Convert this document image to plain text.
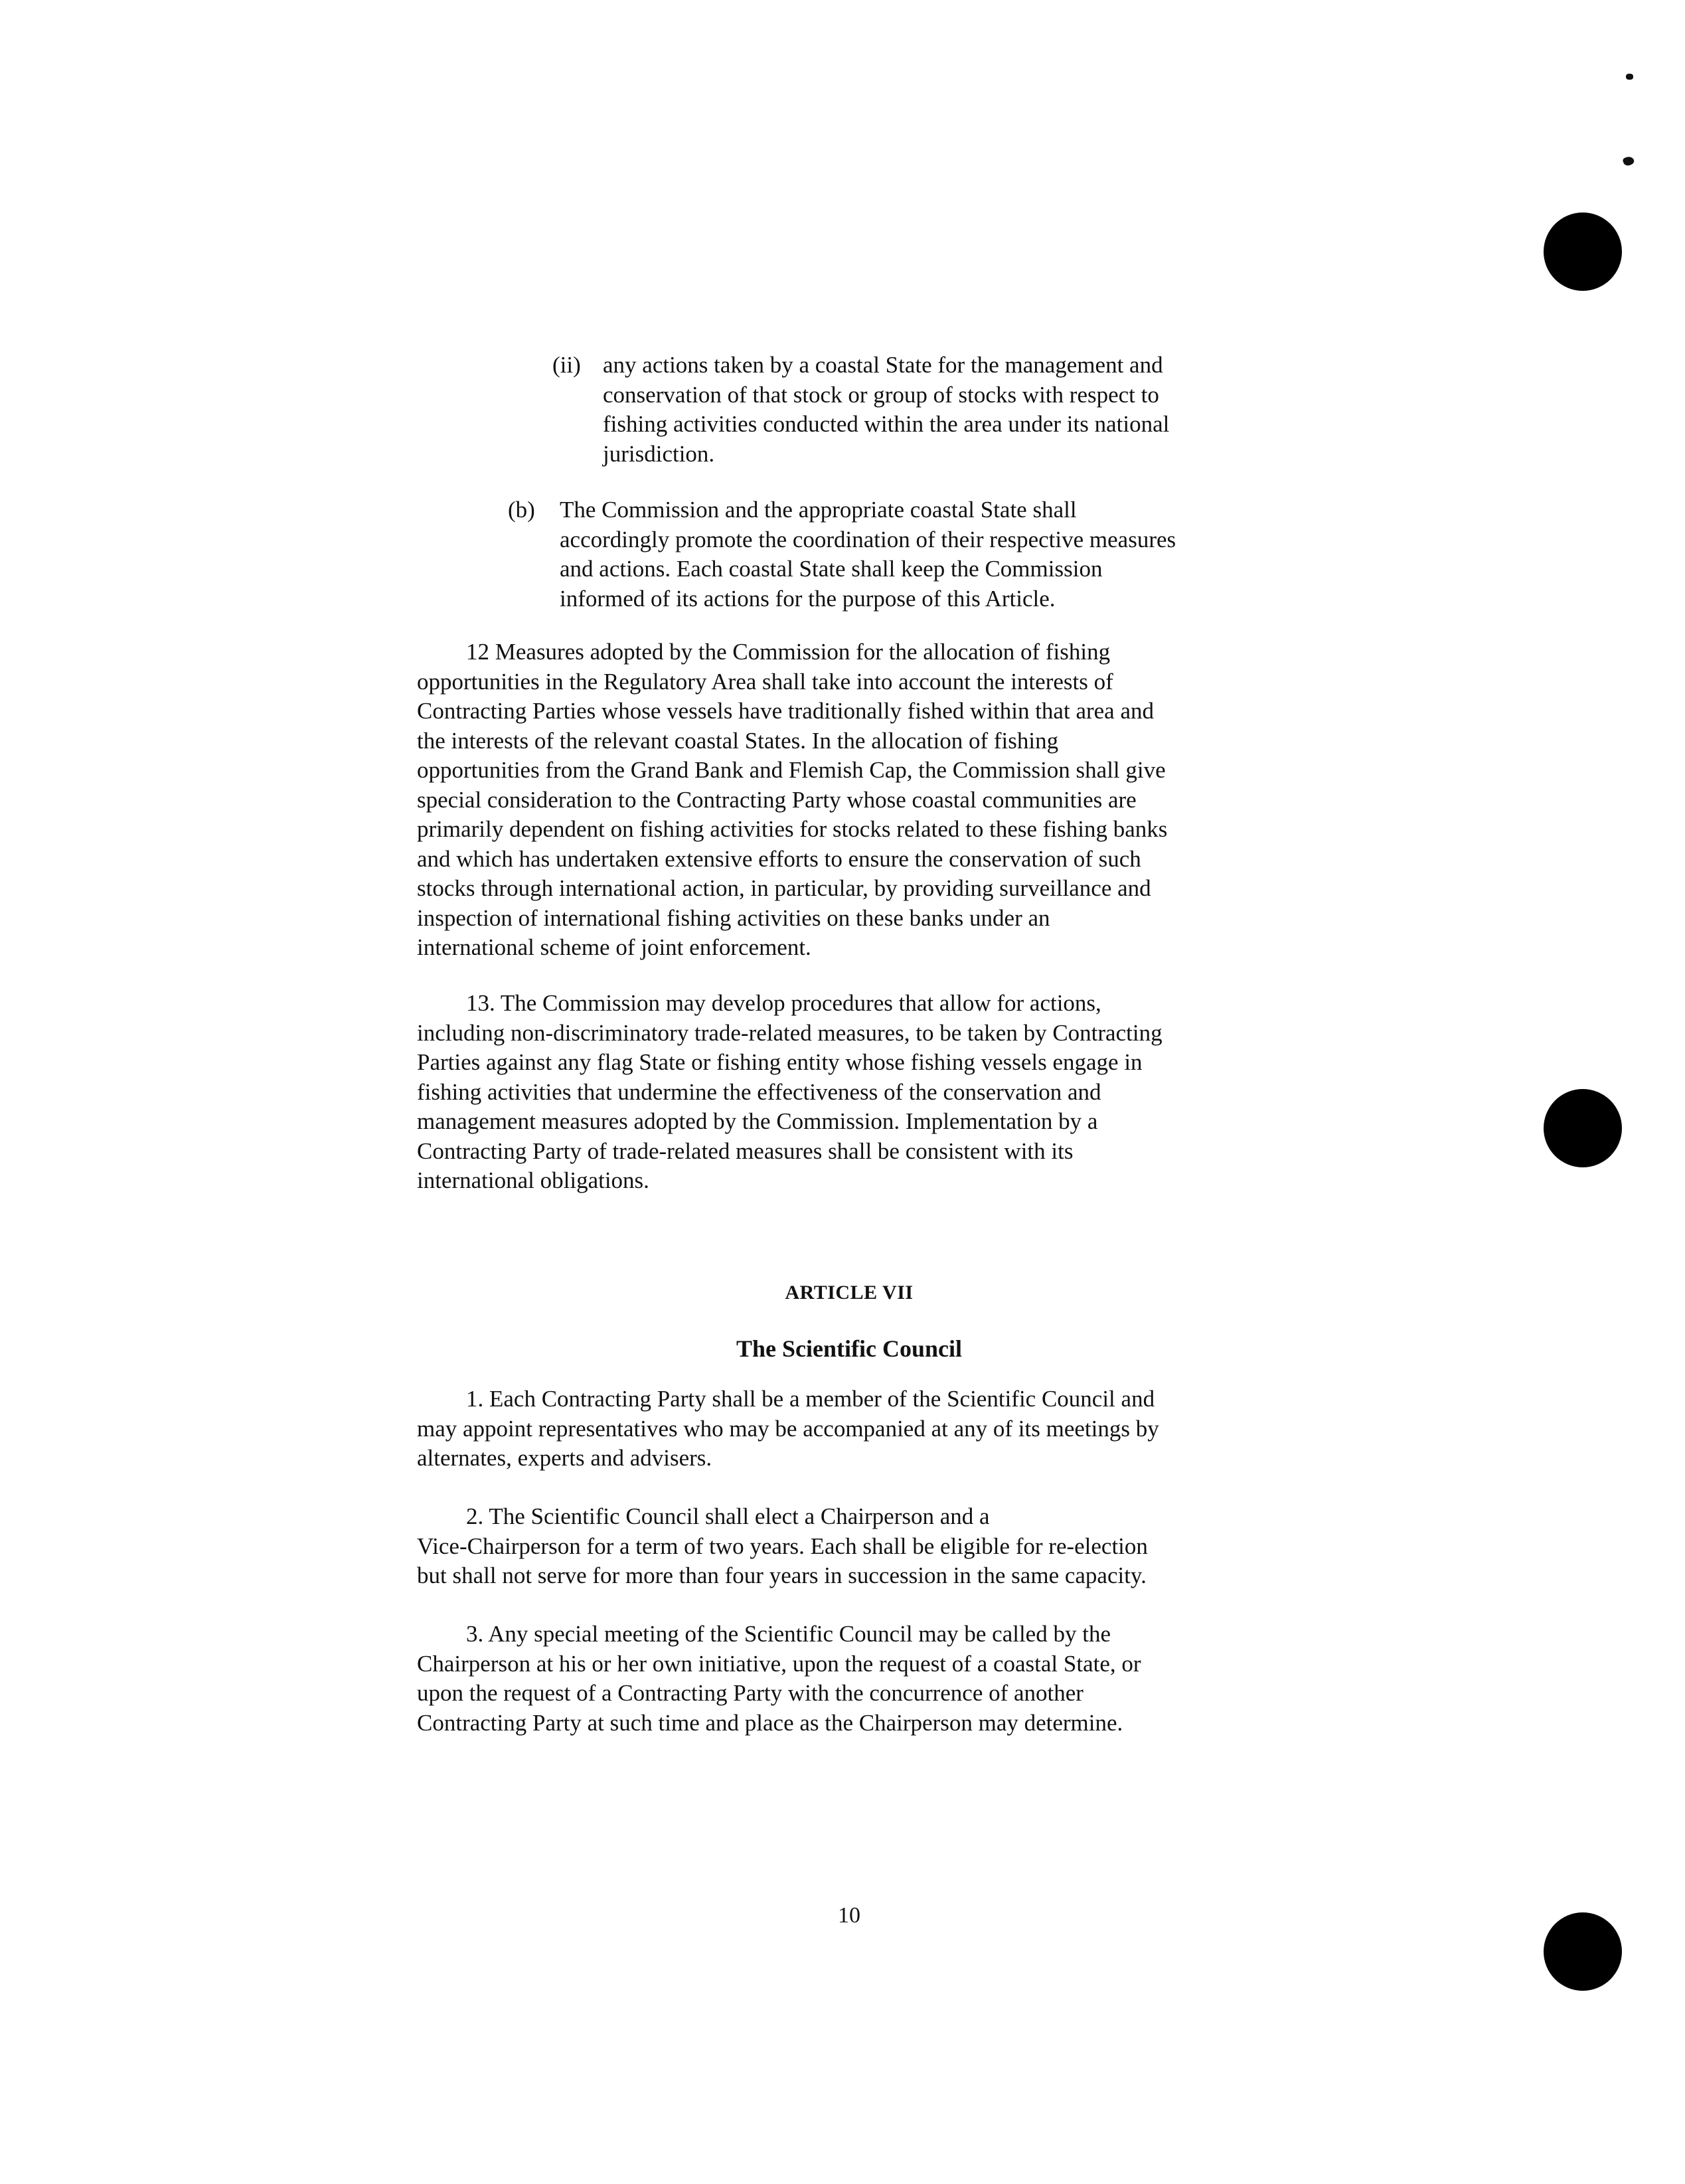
(ii) any actions taken by a coastal State for the management and
conservation of that stock or group of stocks with respect to
fishing activities conducted within the area under its national
jurisdiction.
(b) The Commission and the appropriate coastal State shall
accordingly promote the coordination of their respective measures
and actions. Each coastal State shall keep the Commission
informed of its actions for the purpose of this Article.
12 Measures adopted by the Commission for the allocation of fishing
opportunities in the Regulatory Area shall take into account the interests of
Contracting Parties whose vessels have traditionally fished within that area and
the interests of the relevant coastal States. In the allocation of fishing
opportunities from the Grand Bank and Flemish Cap, the Commission shall give
special consideration to the Contracting Party whose coastal communities are
primarily dependent on fishing activities for stocks related to these fishing banks
and which has undertaken extensive efforts to ensure the conservation of such
stocks through international action, in particular, by providing surveillance and
inspection of international fishing activities on these banks under an
international scheme of joint enforcement.
13. The Commission may develop procedures that allow for actions,
including non-discriminatory trade-related measures, to be taken by Contracting
Parties against any flag State or fishing entity whose fishing vessels engage in
fishing activities that undermine the effectiveness of the conservation and
management measures adopted by the Commission. Implementation by a
Contracting Party of trade-related measures shall be consistent with its
international obligations.
ARTICLE VII
The Scientific Council
1. Each Contracting Party shall be a member of the Scientific Council and
may appoint representatives who may be accompanied at any of its meetings by
alternates, experts and advisers.
2. The Scientific Council shall elect a Chairperson and a
Vice-Chairperson for a term of two years. Each shall be eligible for re-election
but shall not serve for more than four years in succession in the same capacity.
3. Any special meeting of the Scientific Council may be called by the
Chairperson at his or her own initiative, upon the request of a coastal State, or
upon the request of a Contracting Party with the concurrence of another
Contracting Party at such time and place as the Chairperson may determine.
10
